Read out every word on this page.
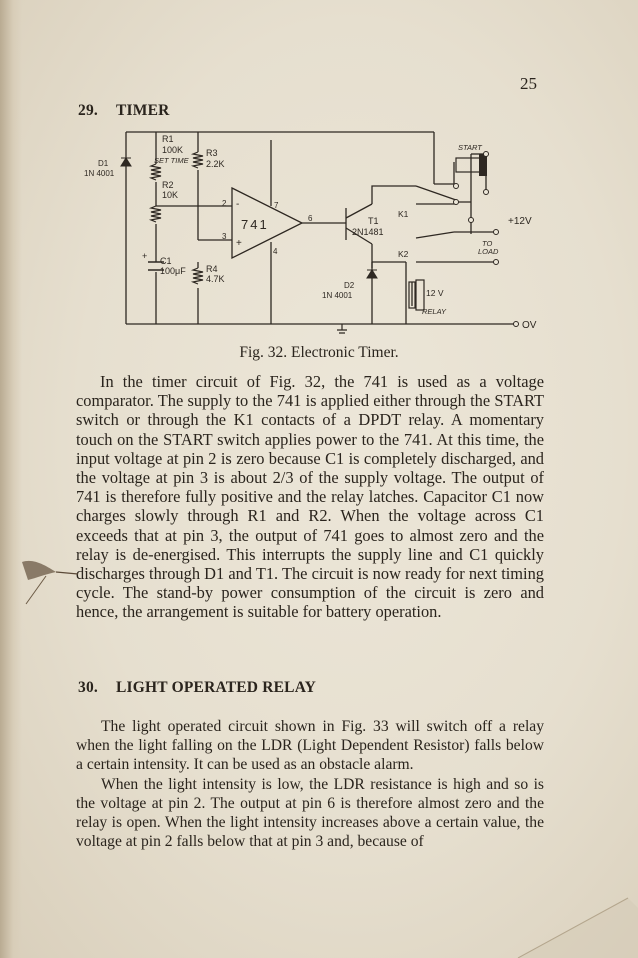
25
29. TIMER
R1
100K
SET TIME
R3
2.2K
D1
1N 4001
R2
10K
741
2
3
4
6
7
-
+
+ C1
100μF R4
4.7K
T1
2N1481
D2
1N 4001
K1
K2
START
+12V
TO
LOAD
12 V
RELAY
OV
Fig. 32. Electronic Timer.

In the timer circuit of Fig. 32, the 741 is used as a voltage comparator. The supply to the 741 is applied either through the START switch or through the K1 contacts of a DPDT relay. A momentary touch on the START switch applies power to the 741. At this time, the input voltage at pin 2 is zero because C1 is completely discharged, and the voltage at pin 3 is about 2/3 of the supply voltage. The output of 741 is therefore fully positive and the relay latches. Capacitor C1 now charges slowly through R1 and R2. When the voltage across C1 exceeds that at pin 3, the output of 741 goes to almost zero and the relay is de-energised. This interrupts the supply line and C1 quickly discharges through D1 and T1. The circuit is now ready for next timing cycle. The stand-by power consumption of the circuit is zero and hence, the arrangement is suitable for battery operation.

30. LIGHT OPERATED RELAY

The light operated circuit shown in Fig. 33 will switch off a relay when the light falling on the LDR (Light Dependent Resistor) falls below a certain intensity. It can be used as an obstacle alarm.

When the light intensity is low, the LDR resistance is high and so is the voltage at pin 2. The output at pin 6 is therefore almost zero and the relay is open. When the light intensity increases above a certain value, the voltage at pin 2 falls below that at pin 3 and, because of
